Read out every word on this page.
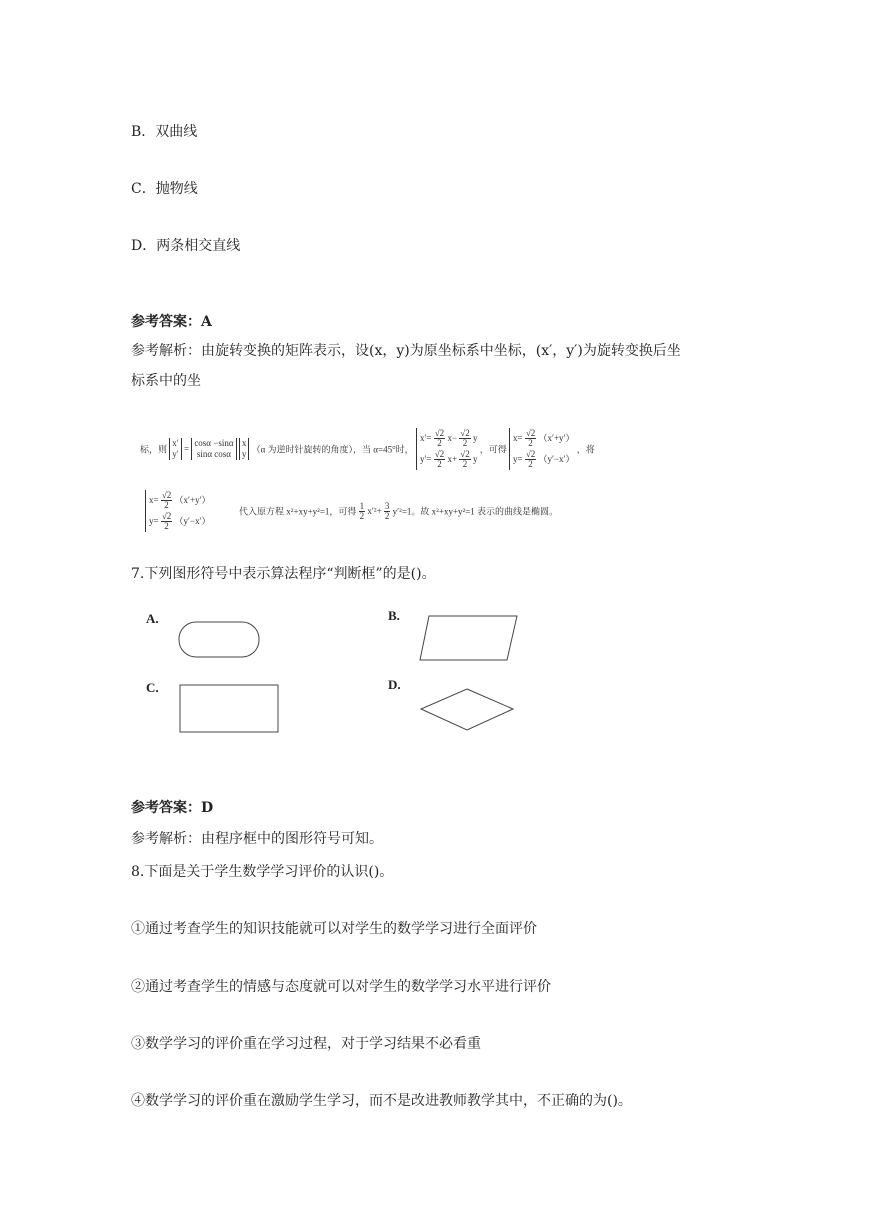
B．双曲线
C．抛物线
D．两条相交直线
参考答案：A
参考解析：由旋转变换的矩阵表示，设(x，y)为原坐标系中坐标，(x′，y′)为旋转变换后坐
标系中的坐
标，则
x′
y′ =
cosα −sinα
sinα cosα

x
y （α 为逆时针旋转的角度），当 α=45°时，
$x'= \frac{√2}{2} x- \frac{√2}{2}$ y
$y'= \frac{√2}{2} x+ \frac{√2}{2}$ y
，可得
$x= \frac{√2}{2} (x'+y')$
$y= \frac{√2}{2} (y'-x')$
，将
$x= \frac{√2}{2} (x'+y')$
$y= \frac{√2}{2} (y'-x')$
代入原方程 x²+xy+y²=1，可得 $\frac{1}{2} x'^2+ \frac{3}{2} y'^2=1$。故 x²+xy+y²=1 表示的曲线是椭圆。
7.下列图形符号中表示算法程序“判断框”的是()。
A.	B.
C.	D.
参考答案：D
参考解析：由程序框中的图形符号可知。
8.下面是关于学生数学学习评价的认识()。
①通过考查学生的知识技能就可以对学生的数学学习进行全面评价
②通过考查学生的情感与态度就可以对学生的数学学习水平进行评价
③数学学习的评价重在学习过程，对于学习结果不必看重
④数学学习的评价重在激励学生学习，而不是改进教师教学其中，不正确的为()。
